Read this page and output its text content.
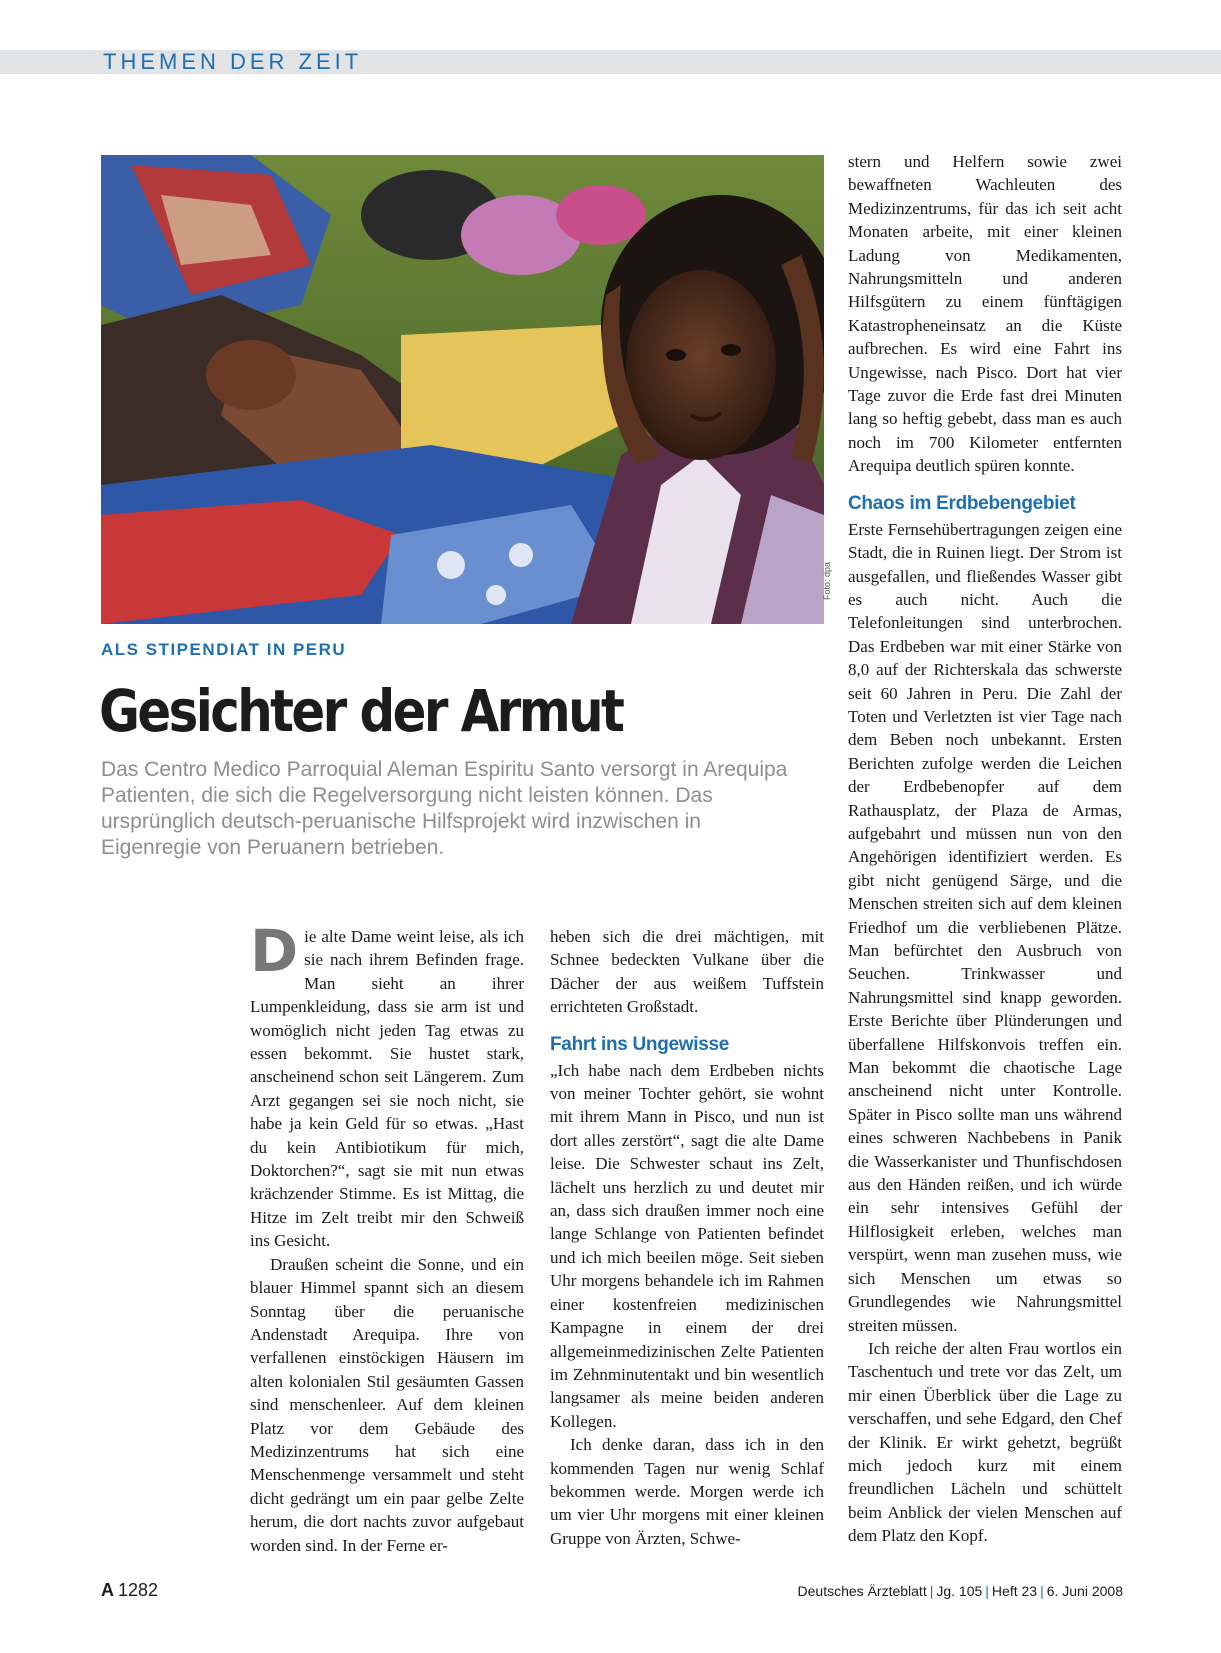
THEMEN DER ZEIT
Foto: dpa
ALS STIPENDIAT IN PERU
Gesichter der Armut

Das Centro Medico Parroquial Aleman Espiritu Santo versorgt in Arequipa Patienten, die sich die Regelversorgung nicht leisten können. Das ursprünglich deutsch-peruanische Hilfsprojekt wird inzwischen in Eigenregie von Peruanern betrieben.

Die alte Dame weint leise, als ich sie nach ihrem Befinden frage. Man sieht an ihrer Lumpenkleidung, dass sie arm ist und womöglich nicht jeden Tag etwas zu essen bekommt. Sie hustet stark, anscheinend schon seit Längerem. Zum Arzt gegangen sei sie noch nicht, sie habe ja kein Geld für so etwas. „Hast du kein Antibiotikum für mich, Doktorchen?“, sagt sie mit nun etwas krächzender Stimme. Es ist Mittag, die Hitze im Zelt treibt mir den Schweiß ins Gesicht.

Draußen scheint die Sonne, und ein blauer Himmel spannt sich an diesem Sonntag über die peruanische Andenstadt Arequipa. Ihre von verfallenen einstöckigen Häusern im alten kolonialen Stil gesäumten Gassen sind menschenleer. Auf dem kleinen Platz vor dem Gebäude des Medizinzentrums hat sich eine Menschenmenge versammelt und steht dicht gedrängt um ein paar gelbe Zelte herum, die dort nachts zuvor aufgebaut worden sind. In der Ferne er-

heben sich die drei mächtigen, mit Schnee bedeckten Vulkane über die Dächer der aus weißem Tuffstein errichteten Großstadt.

Fahrt ins Ungewisse

„Ich habe nach dem Erdbeben nichts von meiner Tochter gehört, sie wohnt mit ihrem Mann in Pisco, und nun ist dort alles zerstört“, sagt die alte Dame leise. Die Schwester schaut ins Zelt, lächelt uns herzlich zu und deutet mir an, dass sich draußen immer noch eine lange Schlange von Patienten befindet und ich mich beeilen möge. Seit sieben Uhr morgens behandele ich im Rahmen einer kostenfreien medizinischen Kampagne in einem der drei allgemeinmedizinischen Zelte Patienten im Zehnminutentakt und bin wesentlich langsamer als meine beiden anderen Kollegen.

Ich denke daran, dass ich in den kommenden Tagen nur wenig Schlaf bekommen werde. Morgen werde ich um vier Uhr morgens mit einer kleinen Gruppe von Ärzten, Schwe-

stern und Helfern sowie zwei bewaffneten Wachleuten des Medizinzentrums, für das ich seit acht Monaten arbeite, mit einer kleinen Ladung von Medikamenten, Nahrungsmitteln und anderen Hilfsgütern zu einem fünftägigen Katastropheneinsatz an die Küste aufbrechen. Es wird eine Fahrt ins Ungewisse, nach Pisco. Dort hat vier Tage zuvor die Erde fast drei Minuten lang so heftig gebebt, dass man es auch noch im 700 Kilometer entfernten Arequipa deutlich spüren konnte.

Chaos im Erdbebengebiet

Erste Fernsehübertragungen zeigen eine Stadt, die in Ruinen liegt. Der Strom ist ausgefallen, und fließendes Wasser gibt es auch nicht. Auch die Telefonleitungen sind unterbrochen. Das Erdbeben war mit einer Stärke von 8,0 auf der Richterskala das schwerste seit 60 Jahren in Peru. Die Zahl der Toten und Verletzten ist vier Tage nach dem Beben noch unbekannt. Ersten Berichten zufolge werden die Leichen der Erdbebenopfer auf dem Rathausplatz, der Plaza de Armas, aufgebahrt und müssen nun von den Angehörigen identifiziert werden. Es gibt nicht genügend Särge, und die Menschen streiten sich auf dem kleinen Friedhof um die verbliebenen Plätze. Man befürchtet den Ausbruch von Seuchen. Trinkwasser und Nahrungsmittel sind knapp geworden. Erste Berichte über Plünderungen und überfallene Hilfskonvois treffen ein. Man bekommt die chaotische Lage anscheinend nicht unter Kontrolle. Später in Pisco sollte man uns während eines schweren Nachbebens in Panik die Wasserkanister und Thunfischdosen aus den Händen reißen, und ich würde ein sehr intensives Gefühl der Hilflosigkeit erleben, welches man verspürt, wenn man zusehen muss, wie sich Menschen um etwas so Grundlegendes wie Nahrungsmittel streiten müssen.

Ich reiche der alten Frau wortlos ein Taschentuch und trete vor das Zelt, um mir einen Überblick über die Lage zu verschaffen, und sehe Edgard, den Chef der Klinik. Er wirkt gehetzt, begrüßt mich jedoch kurz mit einem freundlichen Lächeln und schüttelt beim Anblick der vielen Menschen auf dem Platz den Kopf.

A 1282	Deutsches Ärzteblatt | Jg. 105 | Heft 23 | 6. Juni 2008
